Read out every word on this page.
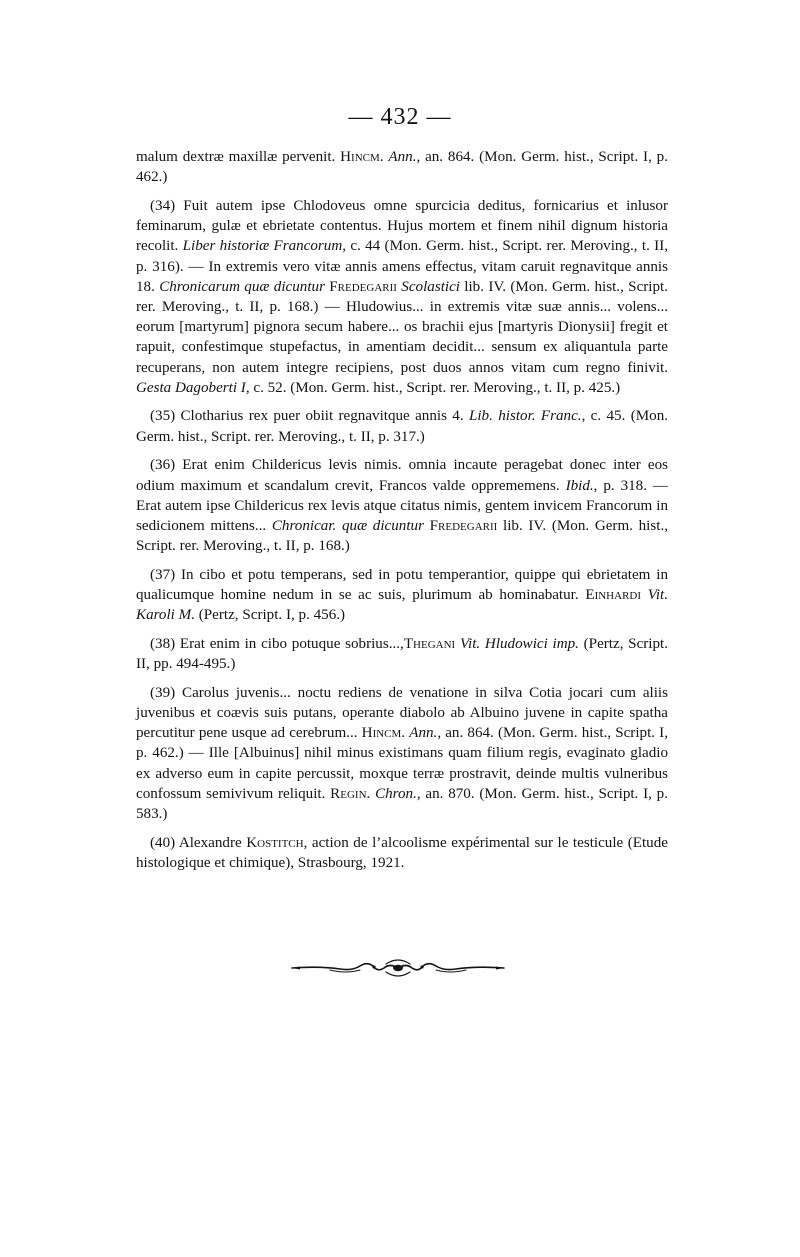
— 432 —

malum dextræ maxillæ pervenit. Hincm. Ann., an. 864. (Mon. Germ. hist., Script. I, p. 462.)

(34) Fuit autem ipse Chlodoveus omne spurcicia deditus, fornicarius et inlusor feminarum, gulæ et ebrietate contentus. Hujus mortem et finem nihil dignum historia recolit. Liber historiæ Francorum, c. 44 (Mon. Germ. hist., Script. rer. Meroving., t. II, p. 316). — In extremis vero vitæ annis amens effectus, vitam caruit regnavitque annis 18. Chronicarum quæ dicuntur Fredegarii Scolastici lib. IV. (Mon. Germ. hist., Script. rer. Meroving., t. II, p. 168.) — Hludowius... in extremis vitæ suæ annis... volens... eorum [martyrum] pignora secum habere... os brachii ejus [martyris Dionysii] fregit et rapuit, confestimque stupefactus, in amentiam decidit... sensum ex aliquantula parte recuperans, non autem integre recipiens, post duos annos vitam cum regno finivit. Gesta Dagoberti I, c. 52. (Mon. Germ. hist., Script. rer. Meroving., t. II, p. 425.)

(35) Clotharius rex puer obiit regnavitque annis 4. Lib. histor. Franc., c. 45. (Mon. Germ. hist., Script. rer. Meroving., t. II, p. 317.)

(36) Erat enim Childericus levis nimis. omnia incaute peragebat donec inter eos odium maximum et scandalum crevit, Francos valde opprememens. Ibid., p. 318. — Erat autem ipse Childericus rex levis atque citatus nimis, gentem invicem Francorum in sedicionem mittens... Chronicar. quæ dicuntur Fredegarii lib. IV. (Mon. Germ. hist., Script. rer. Meroving., t. II, p. 168.)

(37) In cibo et potu temperans, sed in potu temperantior, quippe qui ebrietatem in qualicumque homine nedum in se ac suis, plurimum ab hominabatur. Einhardi Vit. Karoli M. (Pertz, Script. I, p. 456.)

(38) Erat enim in cibo potuque sobrius...,Thegani Vit. Hludowici imp. (Pertz, Script. II, pp. 494-495.)

(39) Carolus juvenis... noctu rediens de venatione in silva Cotia jocari cum aliis juvenibus et coævis suis putans, operante diabolo ab Albuino juvene in capite spatha percutitur pene usque ad cerebrum... Hincm. Ann., an. 864. (Mon. Germ. hist., Script. I, p. 462.) — Ille [Albuinus] nihil minus existimans quam filium regis, evaginato gladio ex adverso eum in capite percussit, moxque terræ prostravit, deinde multis vulneribus confossum semivivum reliquit. Regin. Chron., an. 870. (Mon. Germ. hist., Script. I, p. 583.)

(40) Alexandre Kostitch, action de l’alcoolisme expérimental sur le testicule (Etude histologique et chimique), Strasbourg, 1921.
